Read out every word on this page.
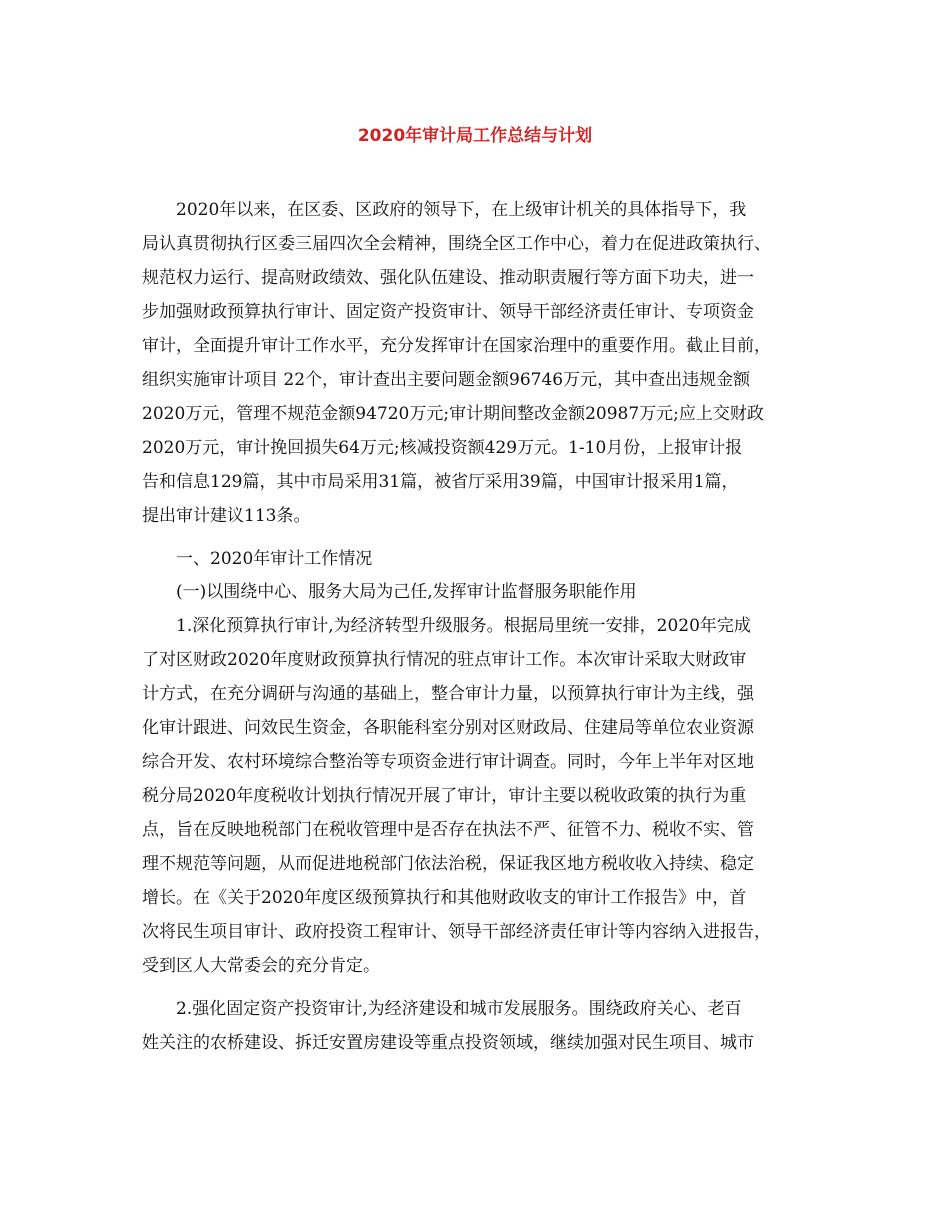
2020年审计局工作总结与计划
2020年以来，在区委、区政府的领导下，在上级审计机关的具体指导下，我
局认真贯彻执行区委三届四次全会精神，围绕全区工作中心，着力在促进政策执行、
规范权力运行、提高财政绩效、强化队伍建设、推动职责履行等方面下功夫，进一
步加强财政预算执行审计、固定资产投资审计、领导干部经济责任审计、专项资金
审计，全面提升审计工作水平，充分发挥审计在国家治理中的重要作用。截止目前，
组织实施审计项目 22个，审计查出主要问题金额96746万元，其中查出违规金额
2020万元，管理不规范金额94720万元;审计期间整改金额20987万元;应上交财政
2020万元，审计挽回损失64万元;核减投资额429万元。1-10月份，上报审计报
告和信息129篇，其中市局采用31篇，被省厅采用39篇，中国审计报采用1篇，
提出审计建议113条。
一、2020年审计工作情况
(一)以围绕中心、服务大局为己任,发挥审计监督服务职能作用
1.深化预算执行审计,为经济转型升级服务。根据局里统一安排，2020年完成
了对区财政2020年度财政预算执行情况的驻点审计工作。本次审计采取大财政审
计方式，在充分调研与沟通的基础上，整合审计力量，以预算执行审计为主线，强
化审计跟进、问效民生资金，各职能科室分别对区财政局、住建局等单位农业资源
综合开发、农村环境综合整治等专项资金进行审计调查。同时，今年上半年对区地
税分局2020年度税收计划执行情况开展了审计，审计主要以税收政策的执行为重
点，旨在反映地税部门在税收管理中是否存在执法不严、征管不力、税收不实、管
理不规范等问题，从而促进地税部门依法治税，保证我区地方税收收入持续、稳定
增长。在《关于2020年度区级预算执行和其他财政收支的审计工作报告》中，首
次将民生项目审计、政府投资工程审计、领导干部经济责任审计等内容纳入进报告，
受到区人大常委会的充分肯定。
2.强化固定资产投资审计,为经济建设和城市发展服务。围绕政府关心、老百
姓关注的农桥建设、拆迁安置房建设等重点投资领域，继续加强对民生项目、城市
